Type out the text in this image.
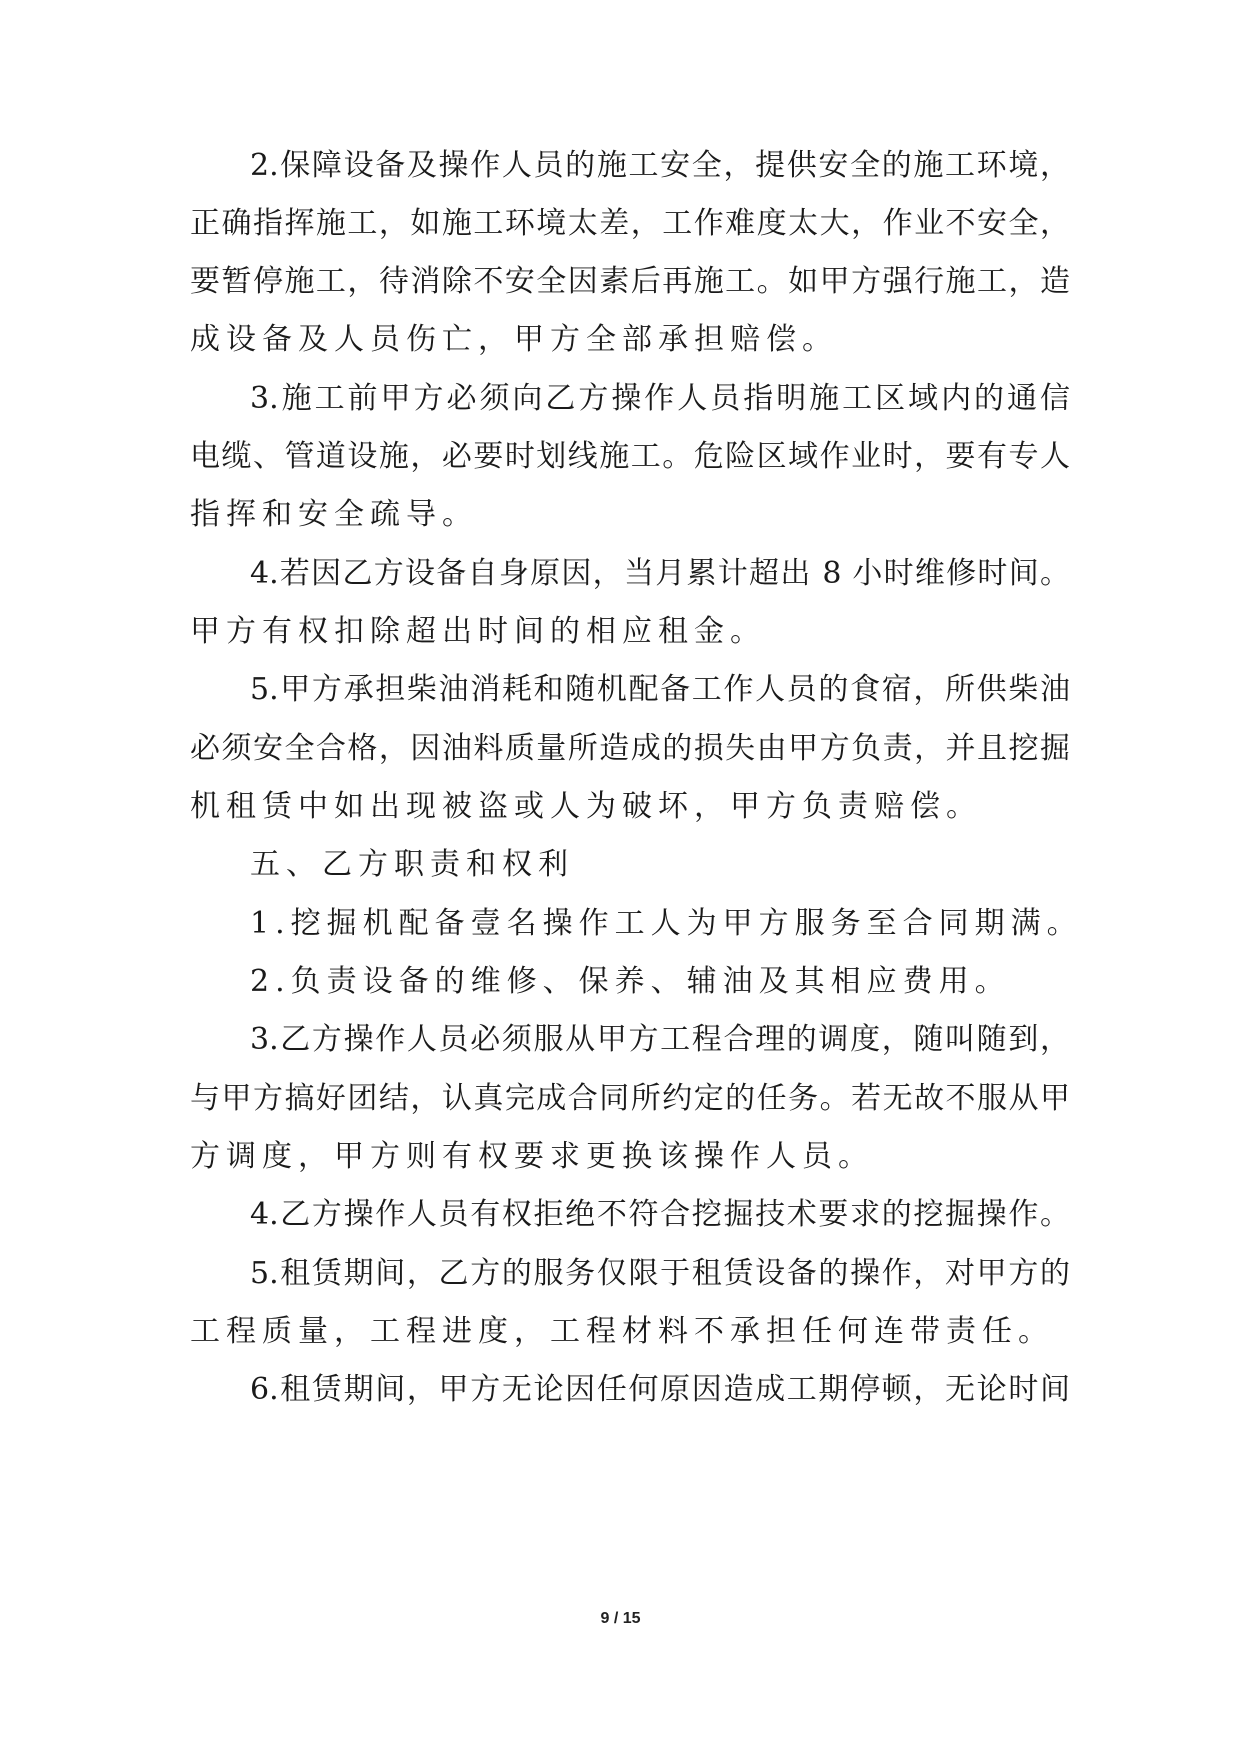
2.保障设备及操作人员的施工安全，提供安全的施工环境，
正确指挥施工，如施工环境太差，工作难度太大，作业不安全，
要暂停施工，待消除不安全因素后再施工。如甲方强行施工，造
成设备及人员伤亡，甲方全部承担赔偿。
3.施工前甲方必须向乙方操作人员指明施工区域内的通信
电缆、管道设施，必要时划线施工。危险区域作业时，要有专人
指挥和安全疏导。
4.若因乙方设备自身原因，当月累计超出 8 小时维修时间。
甲方有权扣除超出时间的相应租金。
5.甲方承担柴油消耗和随机配备工作人员的食宿，所供柴油
必须安全合格，因油料质量所造成的损失由甲方负责，并且挖掘
机租赁中如出现被盗或人为破坏，甲方负责赔偿。
五、乙方职责和权利
1.挖掘机配备壹名操作工人为甲方服务至合同期满。
2.负责设备的维修、保养、辅油及其相应费用。
3.乙方操作人员必须服从甲方工程合理的调度，随叫随到，
与甲方搞好团结，认真完成合同所约定的任务。若无故不服从甲
方调度，甲方则有权要求更换该操作人员。
4.乙方操作人员有权拒绝不符合挖掘技术要求的挖掘操作。
5.租赁期间，乙方的服务仅限于租赁设备的操作，对甲方的
工程质量，工程进度，工程材料不承担任何连带责任。
6.租赁期间，甲方无论因任何原因造成工期停顿，无论时间
9 / 15
